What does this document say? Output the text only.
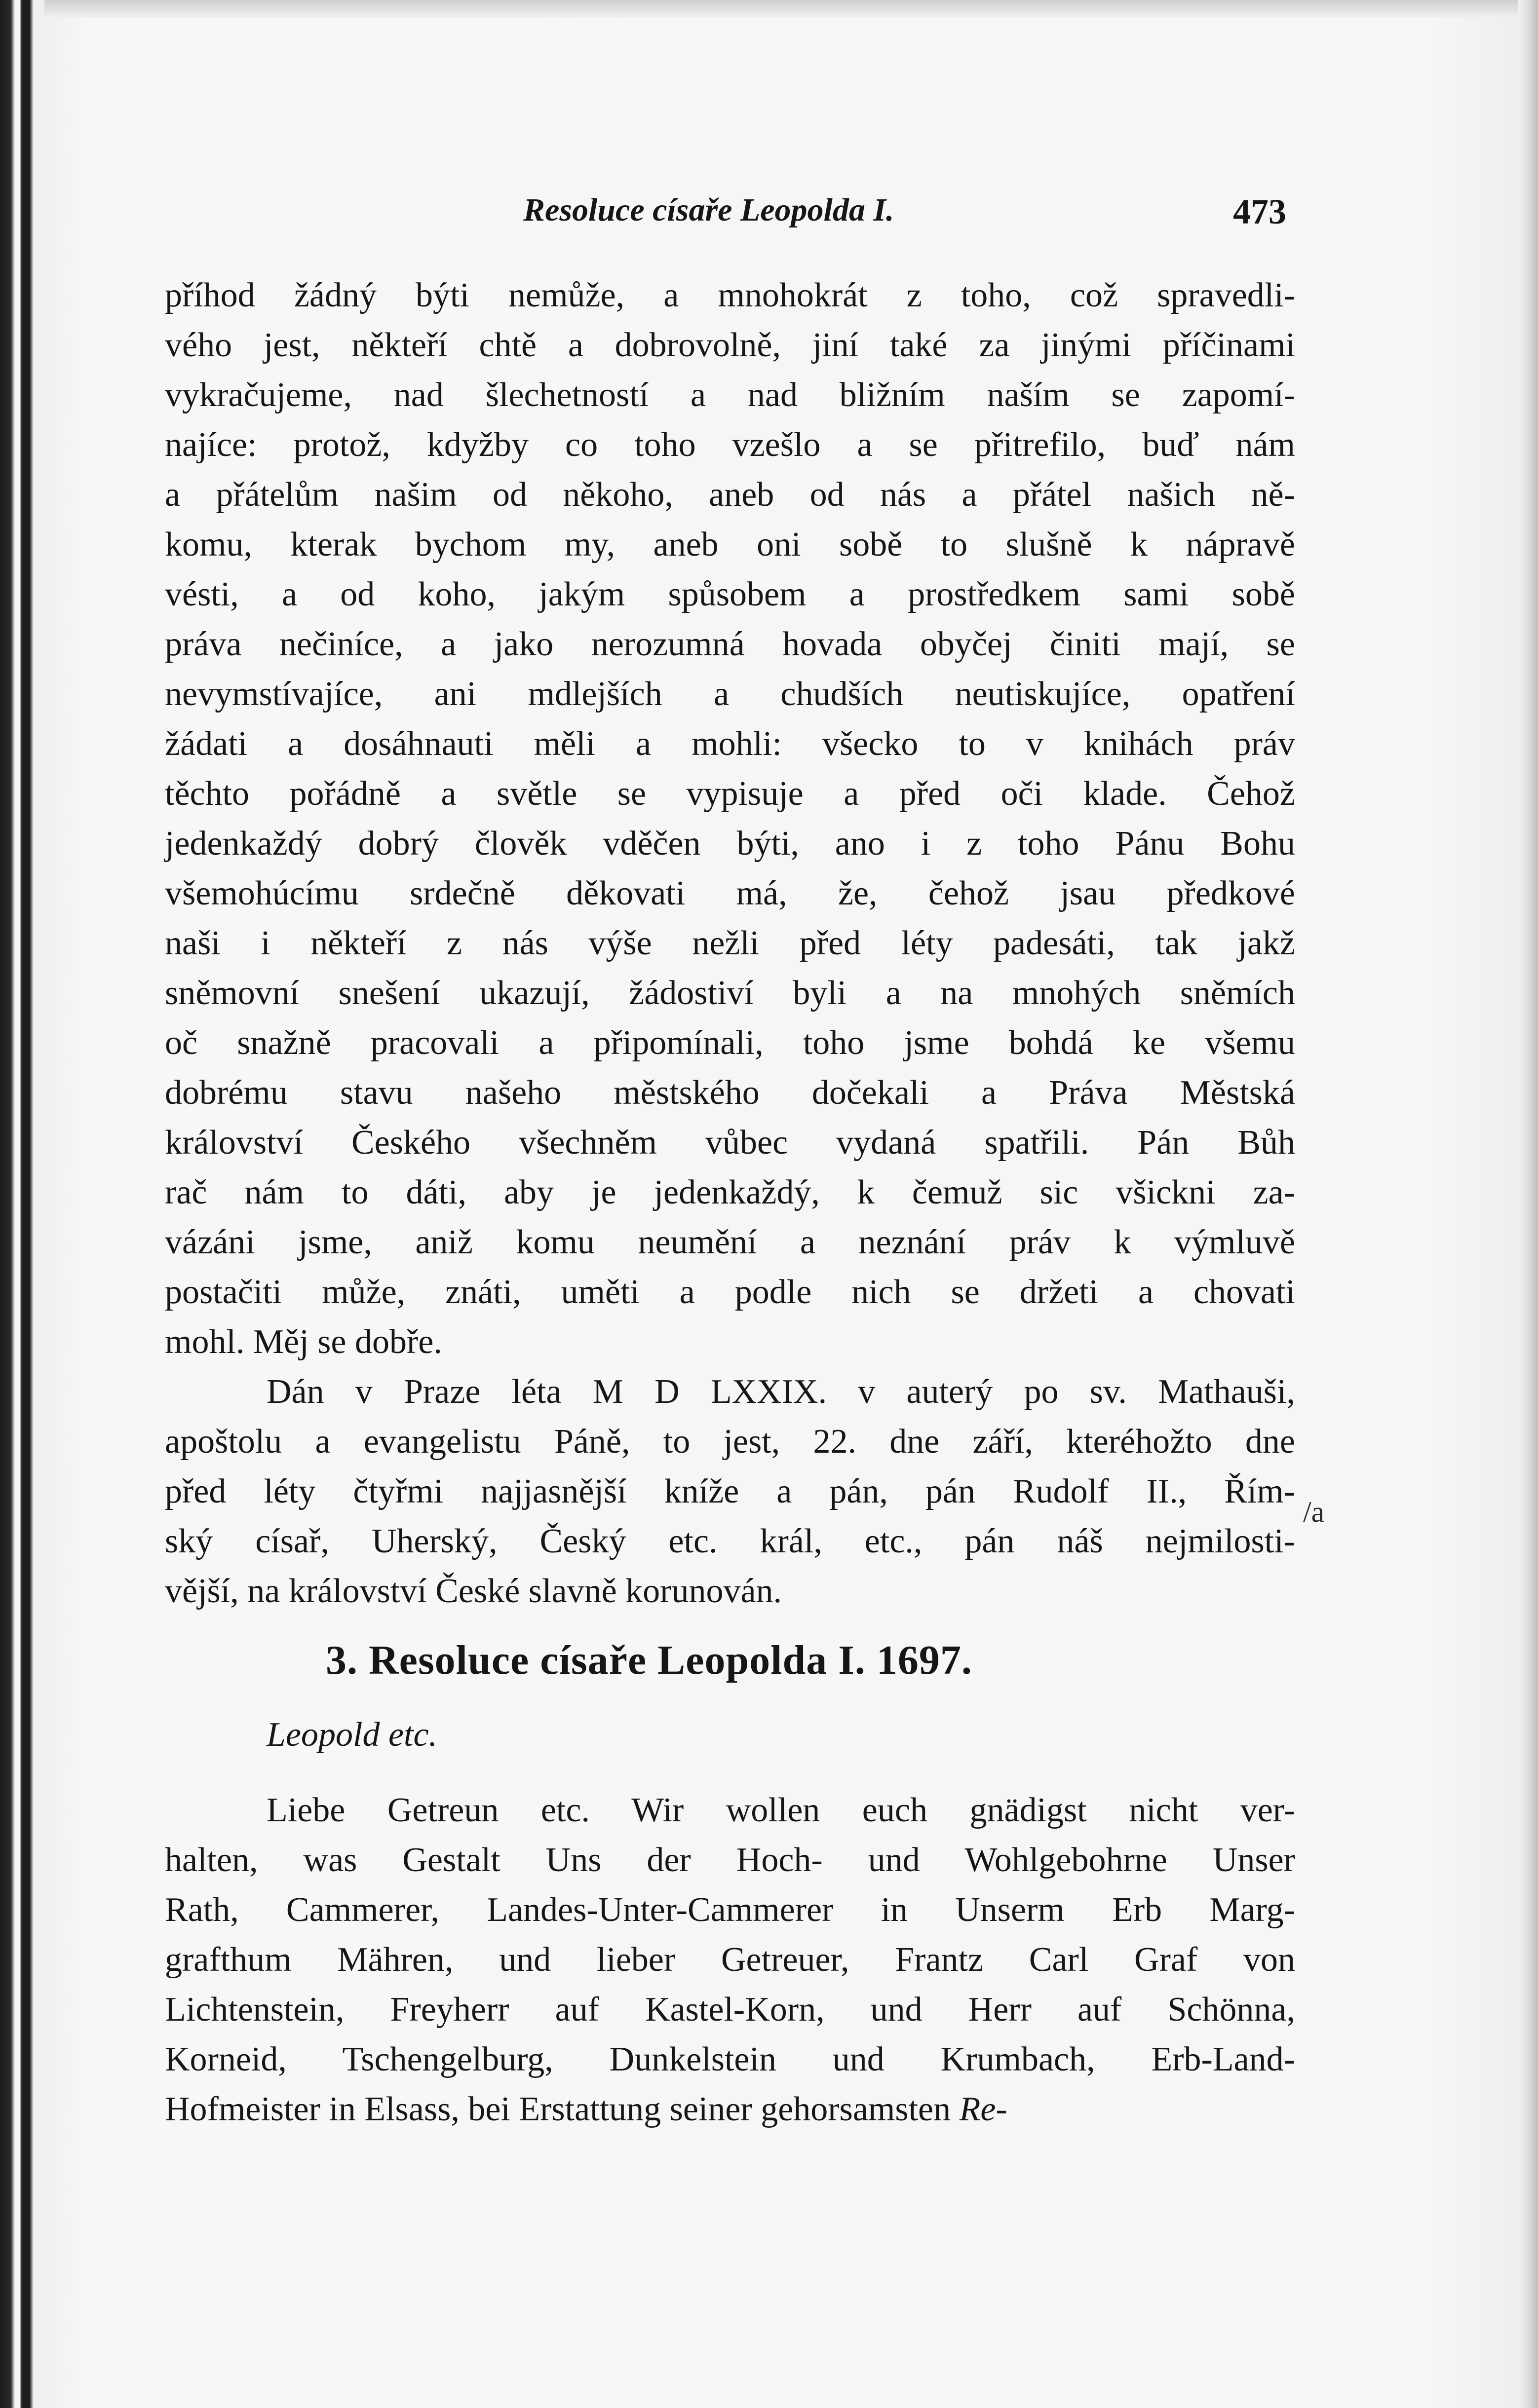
Resoluce císaře Leopolda I.	473
příhod žádný býti nemůže, a mnohokrát z toho, což spravedli-
vého jest, někteří chtě a dobrovolně, jiní také za jinými příčinami
vykračujeme, nad šlechetností a nad bližním naším se zapomí-
najíce: protož, kdyžby co toho vzešlo a se přitrefilo, buď nám
a přátelům našim od někoho, aneb od nás a přátel našich ně-
komu, kterak bychom my, aneb oni sobě to slušně k nápravě
vésti, a od koho, jakým spůsobem a prostředkem sami sobě
práva nečiníce, a jako nerozumná hovada obyčej činiti mají, se
nevymstívajíce, ani mdlejších a chudších neutiskujíce, opatření
žádati a dosáhnauti měli a mohli: všecko to v knihách práv
těchto pořádně a světle se vypisuje a před oči klade. Čehož
jedenkaždý dobrý člověk vděčen býti, ano i z toho Pánu Bohu
všemohúcímu srdečně děkovati má, že, čehož jsau předkové
naši i někteří z nás výše nežli před léty padesáti, tak jakž
sněmovní snešení ukazují, žádostiví byli a na mnohých sněmích
oč snažně pracovali a připomínali, toho jsme bohdá ke všemu
dobrému stavu našeho městského dočekali a Práva Městská
království Českého všechněm vůbec vydaná spatřili. Pán Bůh
rač nám to dáti, aby je jedenkaždý, k čemuž sic všickni za-
vázáni jsme, aniž komu neumění a neznání práv k výmluvě
postačiti může, znáti, uměti a podle nich se držeti a chovati
mohl. Měj se dobře.
Dán v Praze léta M D LXXIX. v auterý po sv. Mathauši,
apoštolu a evangelistu Páně, to jest, 22. dne září, kteréhožto dne
před léty čtyřmi najjasnější kníže a pán, pán Rudolf II., Řím-
ský císař, Uherský, Český etc. král, etc., pán náš nejmilosti-
vější, na království České slavně korunován.
/a
3. Resoluce císaře Leopolda I. 1697.
Leopold etc.
Liebe Getreun etc. Wir wollen euch gnädigst nicht ver-
halten, was Gestalt Uns der Hoch- und Wohlgebohrne Unser
Rath, Cammerer, Landes-Unter-Cammerer in Unserm Erb Marg-
grafthum Mähren, und lieber Getreuer, Frantz Carl Graf von
Lichtenstein, Freyherr auf Kastel-Korn, und Herr auf Schönna,
Korneid, Tschengelburg, Dunkelstein und Krumbach, Erb-Land-
Hofmeister in Elsass, bei Erstattung seiner gehorsamsten Re-
